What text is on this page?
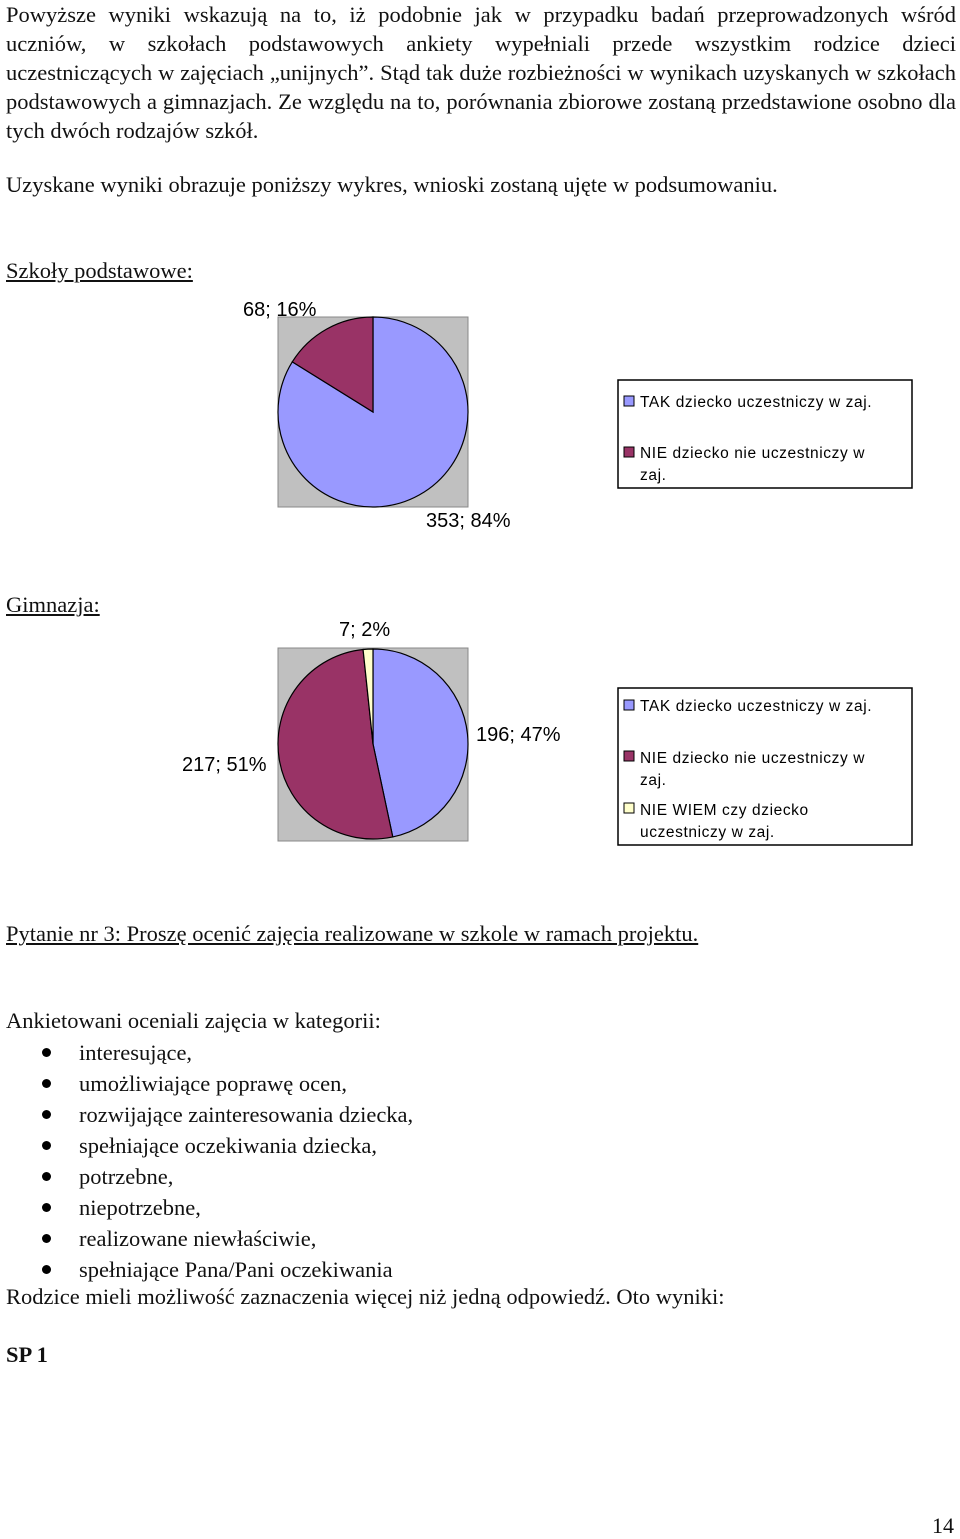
Powyższe wyniki wskazują na to, iż podobnie jak w przypadku badań przeprowadzonych wśród uczniów, w szkołach podstawowych ankiety wypełniali przede wszystkim rodzice dzieci uczestniczących w zajęciach „unijnych”. Stąd tak duże rozbieżności w wynikach uzyskanych w szkołach podstawowych a gimnazjach. Ze względu na to, porównania zbiorowe zostaną przedstawione osobno dla tych dwóch rodzajów szkół.
Uzyskane wyniki obrazuje poniższy wykres, wnioski zostaną ujęte w podsumowaniu.
Szkoły podstawowe:
68; 16%
353; 84%
TAK dziecko uczestniczy w zaj.
NIE dziecko nie uczestniczy w zaj.
Gimnazja:
7; 2%
196; 47%
217; 51%
TAK dziecko uczestniczy w zaj.
NIE dziecko nie uczestniczy w zaj.
NIE WIEM czy dziecko uczestniczy w zaj.
Pytanie nr 3: Proszę ocenić zajęcia realizowane w szkole w ramach projektu.
Ankietowani oceniali zajęcia w kategorii:
interesujące,
umożliwiające poprawę ocen,
rozwijające zainteresowania dziecka,
spełniające oczekiwania dziecka,
potrzebne,
niepotrzebne,
realizowane niewłaściwie,
spełniające Pana/Pani oczekiwania
Rodzice mieli możliwość zaznaczenia więcej niż jedną odpowiedź. Oto wyniki:
SP 1
14
